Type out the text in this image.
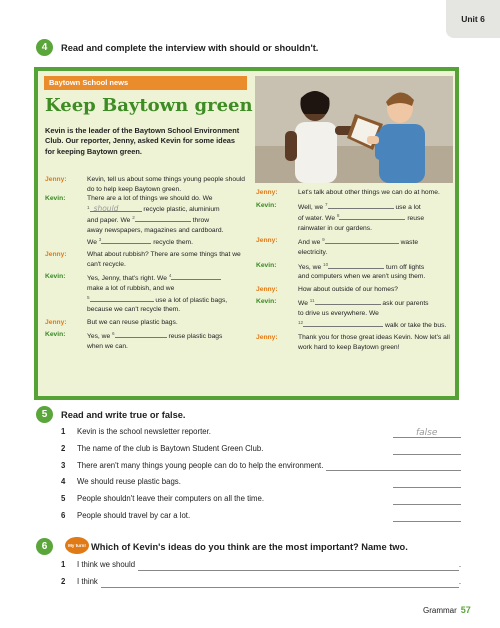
Unit 6
4	Read and complete the interview with should or shouldn't.
Baytown School news
Keep Baytown green
Kevin is the leader of the Baytown School Environment Club. Our reporter, Jenny, asked Kevin for some ideas for keeping Baytown green.
Jenny:	Kevin, tell us about some things young people should do to help keep Baytown green.
Kevin:	There are a lot of things we should do. We
$^1$ should	recycle plastic, aluminium
and paper. We $^2$	throw
away newspapers, magazines and cardboard.
We $^3$	recycle them.
Jenny:	What about rubbish? There are some things that we can't recycle.
Kevin:	Yes, Jenny, that's right. We $^4$
make a lot of rubbish, and we
$^5$	use a lot of plastic bags,
because we can't recycle them.
Jenny:	But we can reuse plastic bags.
Kevin:	Yes, we $^6$	reuse plastic bags
when we can.
Jenny:	Let's talk about other things we can do at home.
Kevin:	Well, we $^7$	use a lot
of water. We $^8$	reuse
rainwater in our gardens.
Jenny:	And we $^9$	waste
electricity.
Kevin:	Yes, we $^{10}$	turn off lights
and computers when we aren't using them.
Jenny:	How about outside of our homes?
Kevin:	We $^{11}$	ask our parents
to drive us everywhere. We
$^{12}$	walk or take the bus.
Jenny:	Thank you for those great ideas Kevin. Now let's all work hard to keep Baytown green!
5	Read and write true or false.
1	Kevin is the school newsletter reporter.
2	The name of the club is Baytown Student Green Club.
3	There aren't many things young people can do to help the environment.
4	We should reuse plastic bags.
5	People shouldn't leave their computers on all the time.
6	People should travel by car a lot.
false
6	Which of Kevin's ideas do you think are the most important? Name two.
My turn!
1	I think we should	.
2	I think	.
Grammar 57
